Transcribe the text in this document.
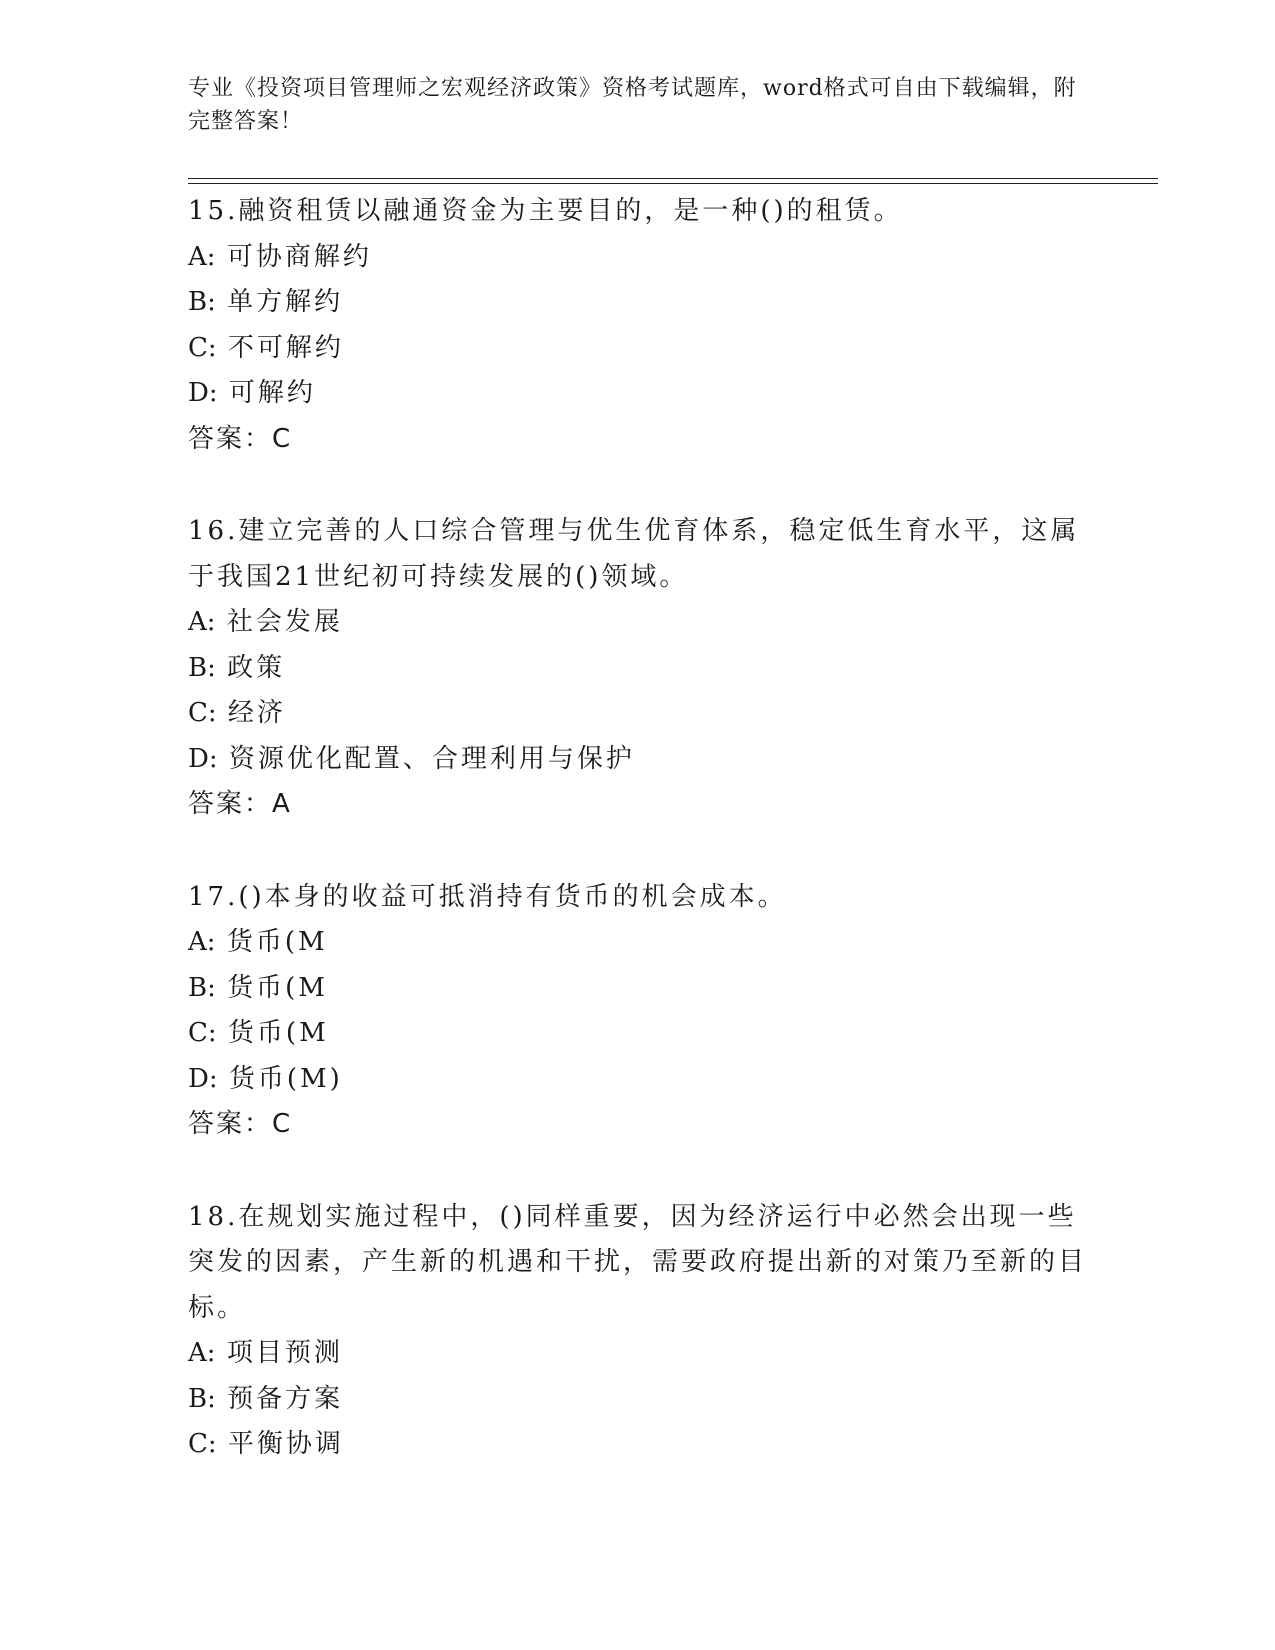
专业《投资项目管理师之宏观经济政策》资格考试题库，word格式可自由下载编辑，附完整答案！

15.融资租赁以融通资金为主要目的，是一种()的租赁。

A: 可协商解约

B: 单方解约

C: 不可解约

D: 可解约

答案：C

16.建立完善的人口综合管理与优生优育体系，稳定低生育水平，这属于我国21世纪初可持续发展的()领域。

A: 社会发展

B: 政策

C: 经济

D: 资源优化配置、合理利用与保护

答案：A

17.()本身的收益可抵消持有货币的机会成本。

A: 货币(M

B: 货币(M

C: 货币(M

D: 货币(M)

答案：C

18.在规划实施过程中，()同样重要，因为经济运行中必然会出现一些突发的因素，产生新的机遇和干扰，需要政府提出新的对策乃至新的目标。

A: 项目预测

B: 预备方案

C: 平衡协调
